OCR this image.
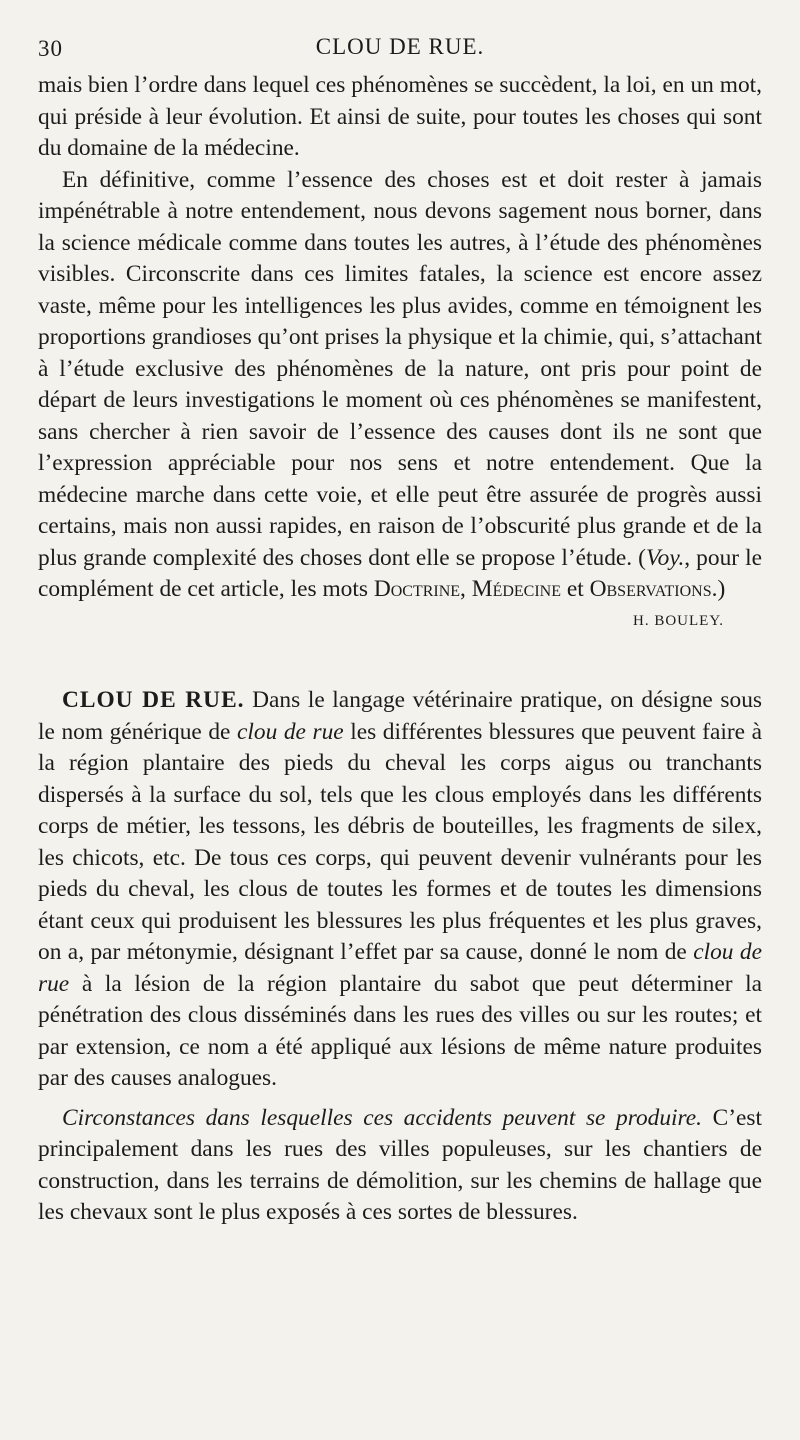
30	CLOU DE RUE.

mais bien l’ordre dans lequel ces phénomènes se succèdent, la loi, en un mot, qui préside à leur évolution. Et ainsi de suite, pour toutes les choses qui sont du domaine de la médecine.

En définitive, comme l’essence des choses est et doit rester à jamais impénétrable à notre entendement, nous devons sagement nous borner, dans la science médicale comme dans toutes les autres, à l’étude des phénomènes visibles. Circonscrite dans ces limites fatales, la science est encore assez vaste, même pour les intelligences les plus avides, comme en témoignent les proportions grandioses qu’ont prises la physique et la chimie, qui, s’attachant à l’étude exclusive des phénomènes de la nature, ont pris pour point de départ de leurs investigations le moment où ces phénomènes se manifestent, sans chercher à rien savoir de l’essence des causes dont ils ne sont que l’expression appréciable pour nos sens et notre entendement. Que la médecine marche dans cette voie, et elle peut être assurée de progrès aussi certains, mais non aussi rapides, en raison de l’obscurité plus grande et de la plus grande complexité des choses dont elle se propose l’étude. (Voy., pour le complément de cet article, les mots Doctrine, Médecine et Observations.)
H. BOULEY.

CLOU DE RUE. Dans le langage vétérinaire pratique, on désigne sous le nom générique de clou de rue les différentes blessures que peuvent faire à la région plantaire des pieds du cheval les corps aigus ou tranchants dispersés à la surface du sol, tels que les clous employés dans les différents corps de métier, les tessons, les débris de bouteilles, les fragments de silex, les chicots, etc. De tous ces corps, qui peuvent devenir vulnérants pour les pieds du cheval, les clous de toutes les formes et de toutes les dimensions étant ceux qui produisent les blessures les plus fréquentes et les plus graves, on a, par métonymie, désignant l’effet par sa cause, donné le nom de clou de rue à la lésion de la région plantaire du sabot que peut déterminer la pénétration des clous disséminés dans les rues des villes ou sur les routes; et par extension, ce nom a été appliqué aux lésions de même nature produites par des causes analogues.

Circonstances dans lesquelles ces accidents peuvent se produire. C’est principalement dans les rues des villes populeuses, sur les chantiers de construction, dans les terrains de démolition, sur les chemins de hallage que les chevaux sont le plus exposés à ces sortes de blessures.
